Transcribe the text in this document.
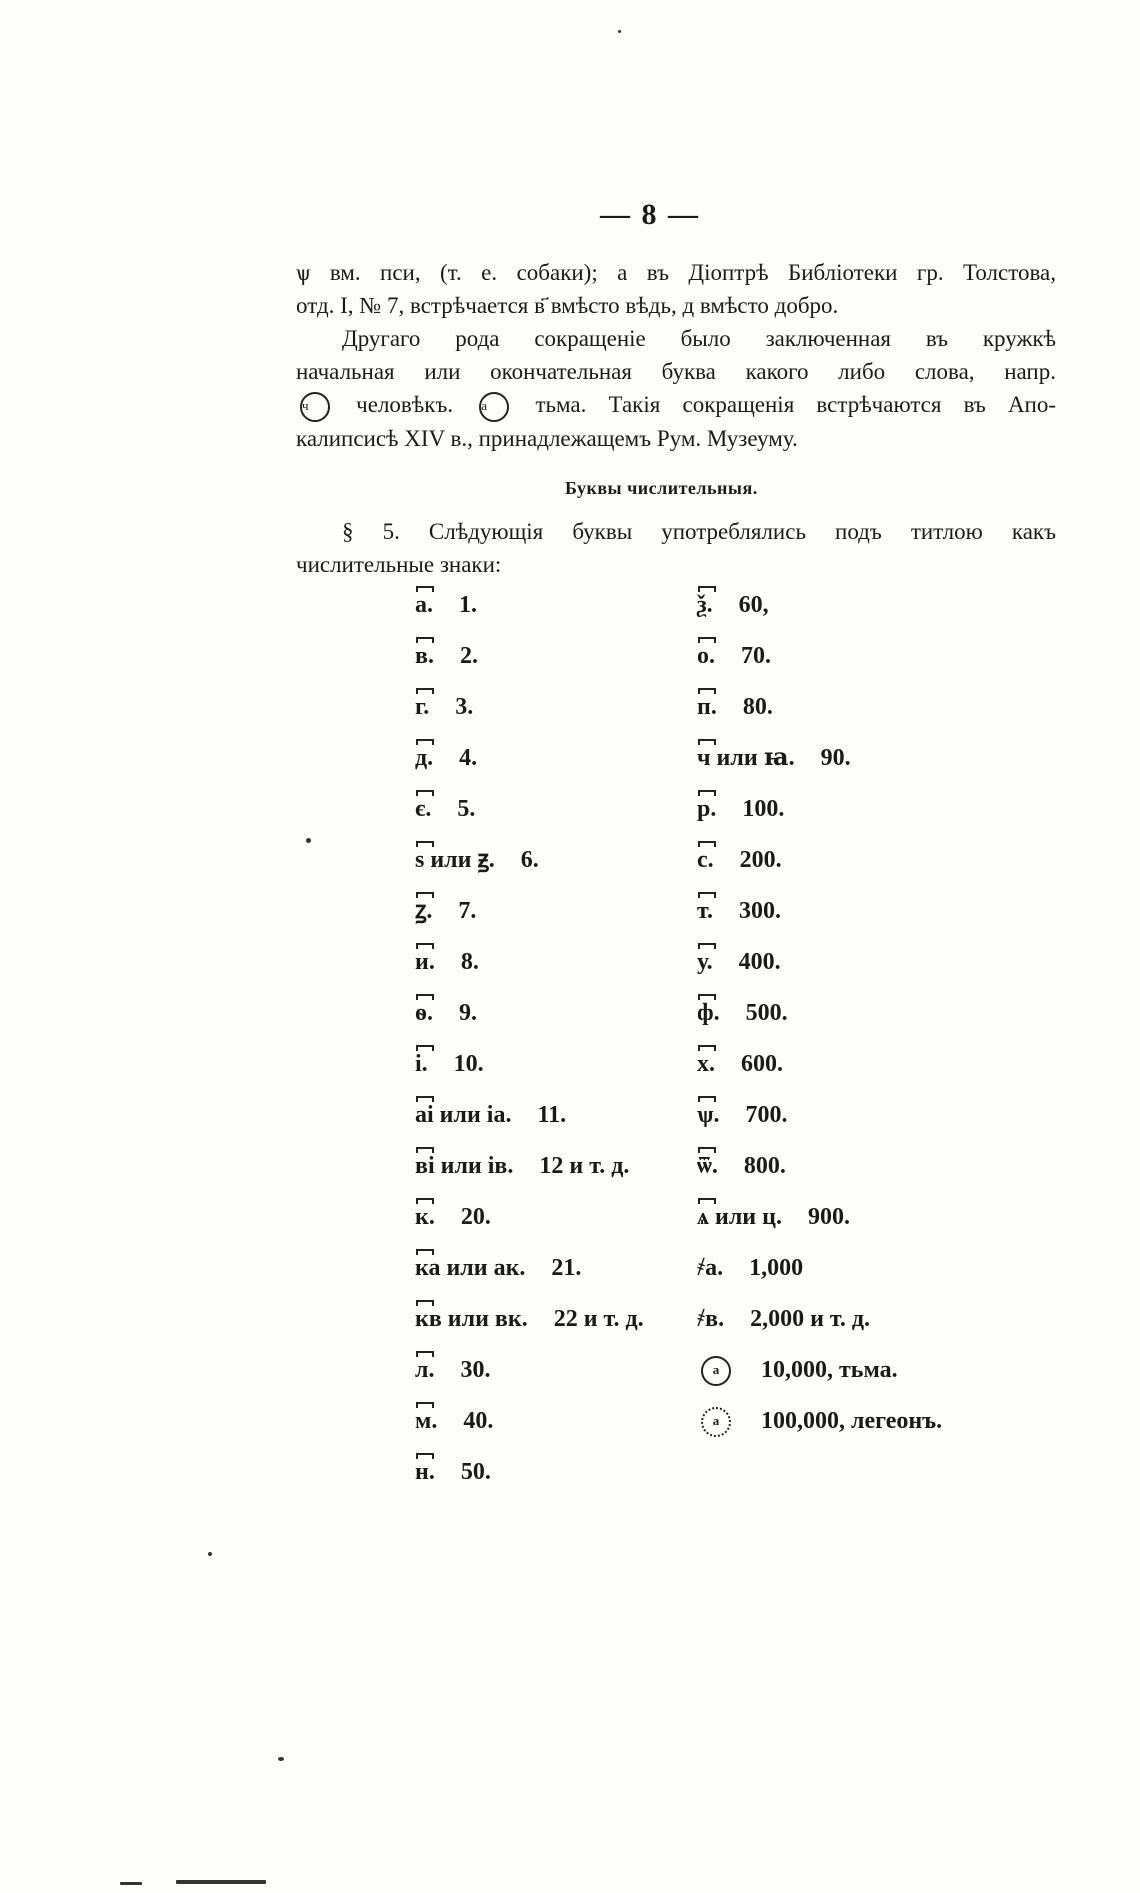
— 8 —
ѱ вм. пси, (т. е. собаки); а въ Діоптрѣ Библіотеки гр. Толстова,
отд. I, № 7, встрѣчается в҃ вмѣсто вѣдь, д вмѣсто добро.
Другаго рода сокращеніе было заключенная въ кружкѣ
начальная или окончательная буква какого либо слова, напр.
ч человѣкъ. а тьма. Такія сокращенія встрѣчаются въ Апо-
калипсисѣ XIV в., принадлежащемъ Рум. Музеуму.
Буквы числительныя.
§ 5. Слѣдующія буквы употреблялись подъ титлою какъ
числительные знаки:
а. 1.
в. 2.
г. 3.
д. 4.
є. 5.
ѕ или ꙃ. 6.
ꙁ. 7.
и. 8.
ѳ. 9.
і. 10.
аі или іа. 11.
ві или ів. 12 и т. д.
к. 20.
ка или ак. 21.
кв или вк. 22 и т. д.
л. 30.
м. 40.
н. 50.
ѯ. 60,
о. 70.
п. 80.
ч или ꙗ. 90.
р. 100.
с. 200.
т. 300.
у. 400.
ф. 500.
х. 600.
ѱ. 700.
ѿ. 800.
ѧ или ц. 900.
҂а. 1,000
҂в. 2,000 и т. д.
а 10,000, тьма.
а 100,000, легеонъ.
